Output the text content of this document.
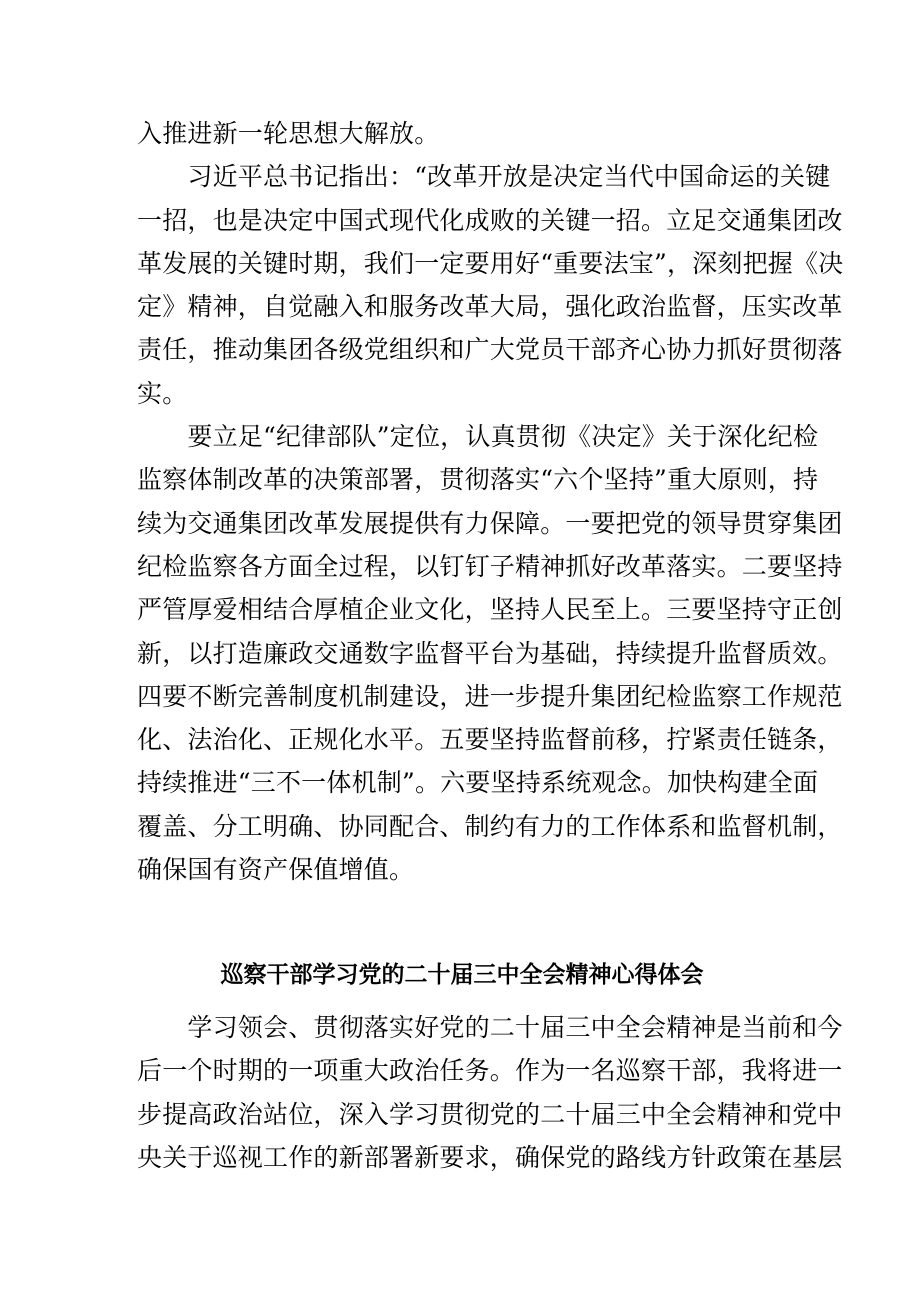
入推进新一轮思想大解放。
　　习近平总书记指出：“改革开放是决定当代中国命运的关键
一招，也是决定中国式现代化成败的关键一招。立足交通集团改
革发展的关键时期，我们一定要用好“重要法宝”，深刻把握《决
定》精神，自觉融入和服务改革大局，强化政治监督，压实改革
责任，推动集团各级党组织和广大党员干部齐心协力抓好贯彻落
实。
　　要立足“纪律部队”定位，认真贯彻《决定》关于深化纪检
监察体制改革的决策部署，贯彻落实“六个坚持”重大原则，持
续为交通集团改革发展提供有力保障。一要把党的领导贯穿集团
纪检监察各方面全过程，以钉钉子精神抓好改革落实。二要坚持
严管厚爱相结合厚植企业文化，坚持人民至上。三要坚持守正创
新，以打造廉政交通数字监督平台为基础，持续提升监督质效。
四要不断完善制度机制建设，进一步提升集团纪检监察工作规范
化、法治化、正规化水平。五要坚持监督前移，拧紧责任链条，
持续推进“三不一体机制”。六要坚持系统观念。加快构建全面
覆盖、分工明确、协同配合、制约有力的工作体系和监督机制，
确保国有资产保值增值。
巡察干部学习党的二十届三中全会精神心得体会
　　学习领会、贯彻落实好党的二十届三中全会精神是当前和今
后一个时期的一项重大政治任务。作为一名巡察干部，我将进一
步提高政治站位，深入学习贯彻党的二十届三中全会精神和党中
央关于巡视工作的新部署新要求，确保党的路线方针政策在基层
